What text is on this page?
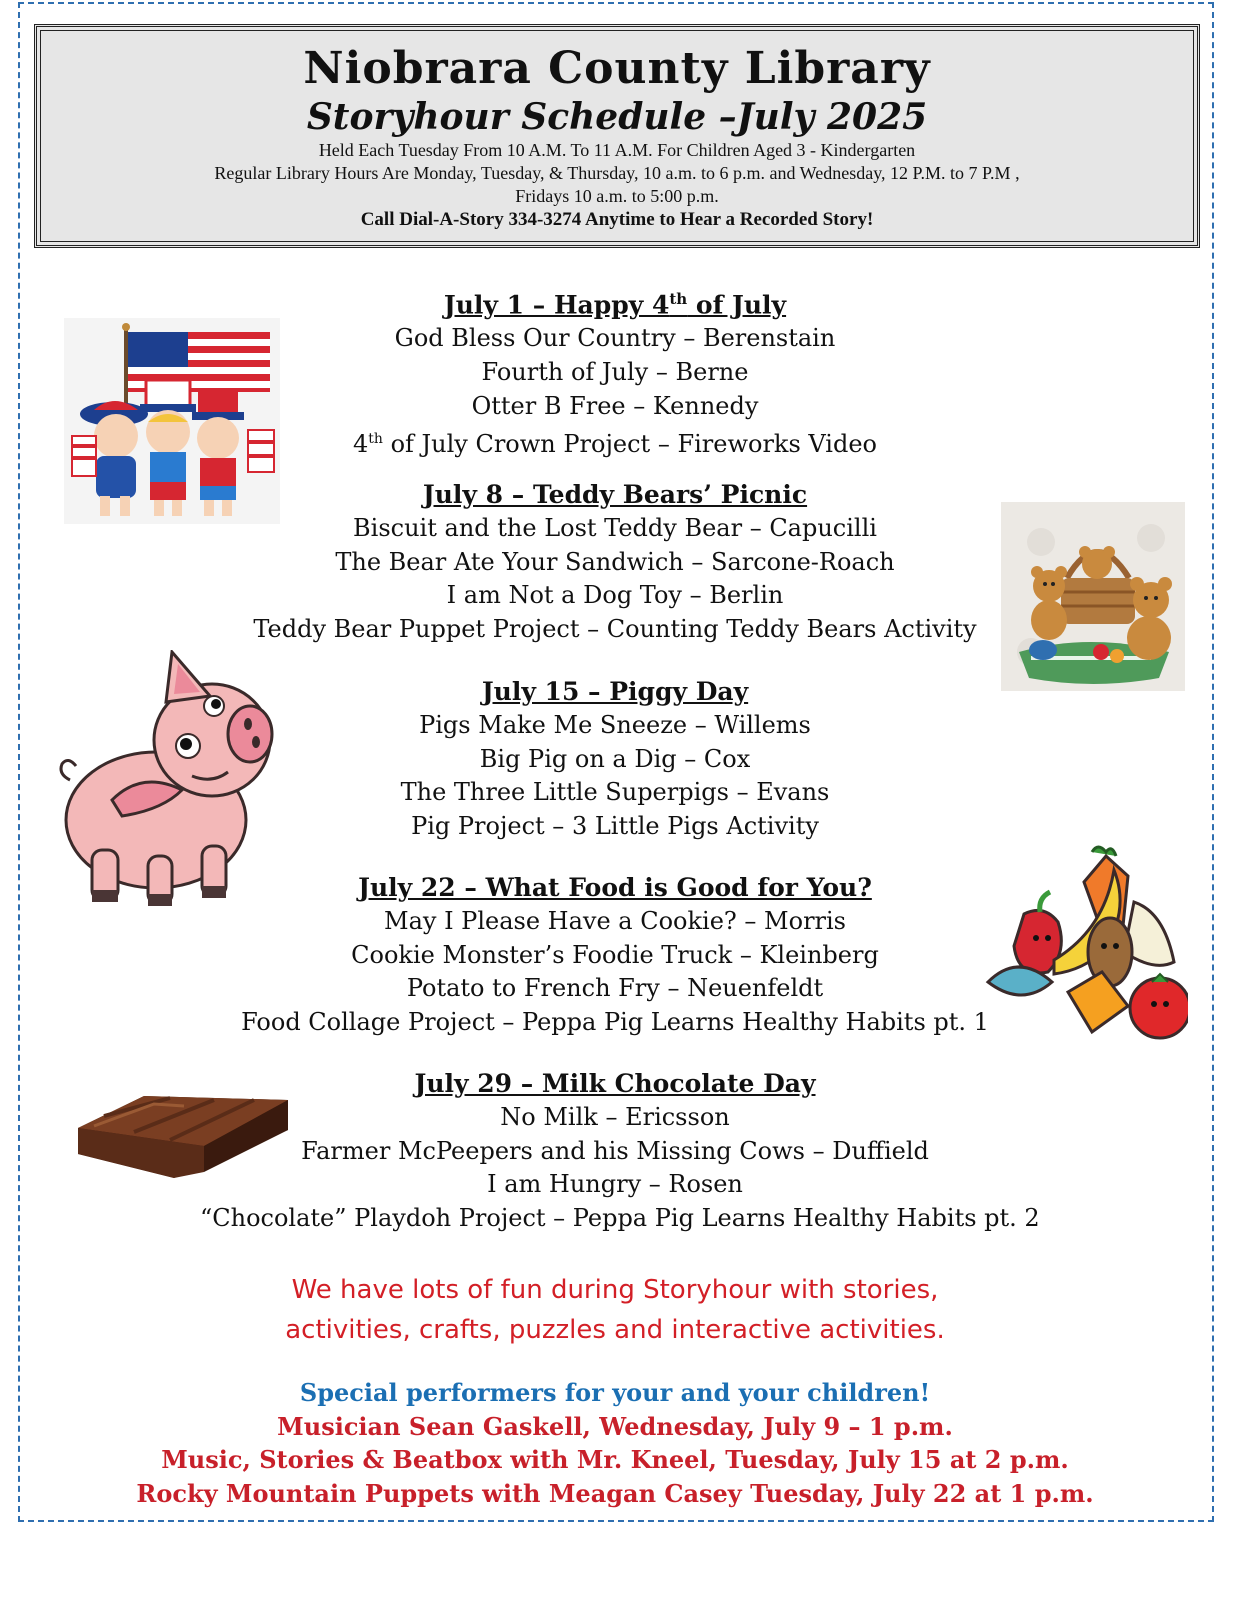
Niobrara County Library
Storyhour Schedule –July 2025
Held Each Tuesday From 10 A.M. To 11 A.M. For Children Aged 3 - Kindergarten
Regular Library Hours Are Monday, Tuesday, & Thursday, 10 a.m. to 6 p.m. and Wednesday, 12 P.M. to 7 P.M ,
Fridays 10 a.m. to 5:00 p.m.
Call Dial-A-Story 334-3274 Anytime to Hear a Recorded Story!
July 1 – Happy 4th of July
God Bless Our Country – Berenstain
Fourth of July – Berne
Otter B Free – Kennedy
4th of July Crown Project – Fireworks Video
July 8 – Teddy Bears’ Picnic
Biscuit and the Lost Teddy Bear – Capucilli
The Bear Ate Your Sandwich – Sarcone-Roach
I am Not a Dog Toy – Berlin
Teddy Bear Puppet Project – Counting Teddy Bears Activity
July 15 – Piggy Day
Pigs Make Me Sneeze – Willems
Big Pig on a Dig – Cox
The Three Little Superpigs – Evans
Pig Project – 3 Little Pigs Activity
July 22 – What Food is Good for You?
May I Please Have a Cookie? – Morris
Cookie Monster’s Foodie Truck – Kleinberg
Potato to French Fry – Neuenfeldt
Food Collage Project – Peppa Pig Learns Healthy Habits pt. 1
July 29 – Milk Chocolate Day
No Milk – Ericsson
Farmer McPeepers and his Missing Cows – Duffield
I am Hungry – Rosen
“Chocolate” Playdoh Project – Peppa Pig Learns Healthy Habits pt. 2
We have lots of fun during Storyhour with stories,
activities, crafts, puzzles and interactive activities.
Special performers for your and your children!
Musician Sean Gaskell, Wednesday, July 9 – 1 p.m.
Music, Stories & Beatbox with Mr. Kneel, Tuesday, July 15 at 2 p.m.
Rocky Mountain Puppets with Meagan Casey Tuesday, July 22 at 1 p.m.
